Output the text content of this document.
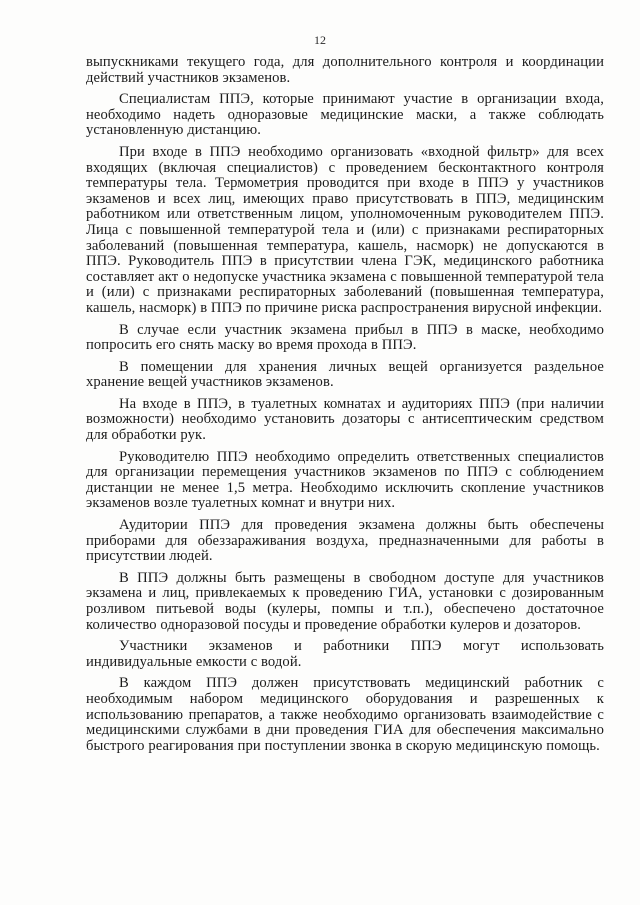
12

выпускниками текущего года, для дополнительного контроля и координации действий участников экзаменов.

Специалистам ППЭ, которые принимают участие в организации входа, необходимо надеть одноразовые медицинские маски, а также соблюдать установленную дистанцию.

При входе в ППЭ необходимо организовать «входной фильтр» для всех входящих (включая специалистов) с проведением бесконтактного контроля температуры тела. Термометрия проводится при входе в ППЭ у участников экзаменов и всех лиц, имеющих право присутствовать в ППЭ, медицинским работником или ответственным лицом, уполномоченным руководителем ППЭ. Лица с повышенной температурой тела и (или) с признаками респираторных заболеваний (повышенная температура, кашель, насморк) не допускаются в ППЭ. Руководитель ППЭ в присутствии члена ГЭК, медицинского работника составляет акт о недопуске участника экзамена с повышенной температурой тела и (или) с признаками респираторных заболеваний (повышенная температура, кашель, насморк) в ППЭ по причине риска распространения вирусной инфекции.

В случае если участник экзамена прибыл в ППЭ в маске, необходимо попросить его снять маску во время прохода в ППЭ.

В помещении для хранения личных вещей организуется раздельное хранение вещей участников экзаменов.

На входе в ППЭ, в туалетных комнатах и аудиториях ППЭ (при наличии возможности) необходимо установить дозаторы с антисептическим средством для обработки рук.

Руководителю ППЭ необходимо определить ответственных специалистов для организации перемещения участников экзаменов по ППЭ с соблюдением дистанции не менее 1,5 метра. Необходимо исключить скопление участников экзаменов возле туалетных комнат и внутри них.

Аудитории ППЭ для проведения экзамена должны быть обеспечены приборами для обеззараживания воздуха, предназначенными для работы в присутствии людей.

В ППЭ должны быть размещены в свободном доступе для участников экзамена и лиц, привлекаемых к проведению ГИА, установки с дозированным розливом питьевой воды (кулеры, помпы и т.п.), обеспечено достаточное количество одноразовой посуды и проведение обработки кулеров и дозаторов.

Участники экзаменов и работники ППЭ могут использовать индивидуальные емкости с водой.

В каждом ППЭ должен присутствовать медицинский работник с необходимым набором медицинского оборудования и разрешенных к использованию препаратов, а также необходимо организовать взаимодействие с медицинскими службами в дни проведения ГИА для обеспечения максимально быстрого реагирования при поступлении звонка в скорую медицинскую помощь.
